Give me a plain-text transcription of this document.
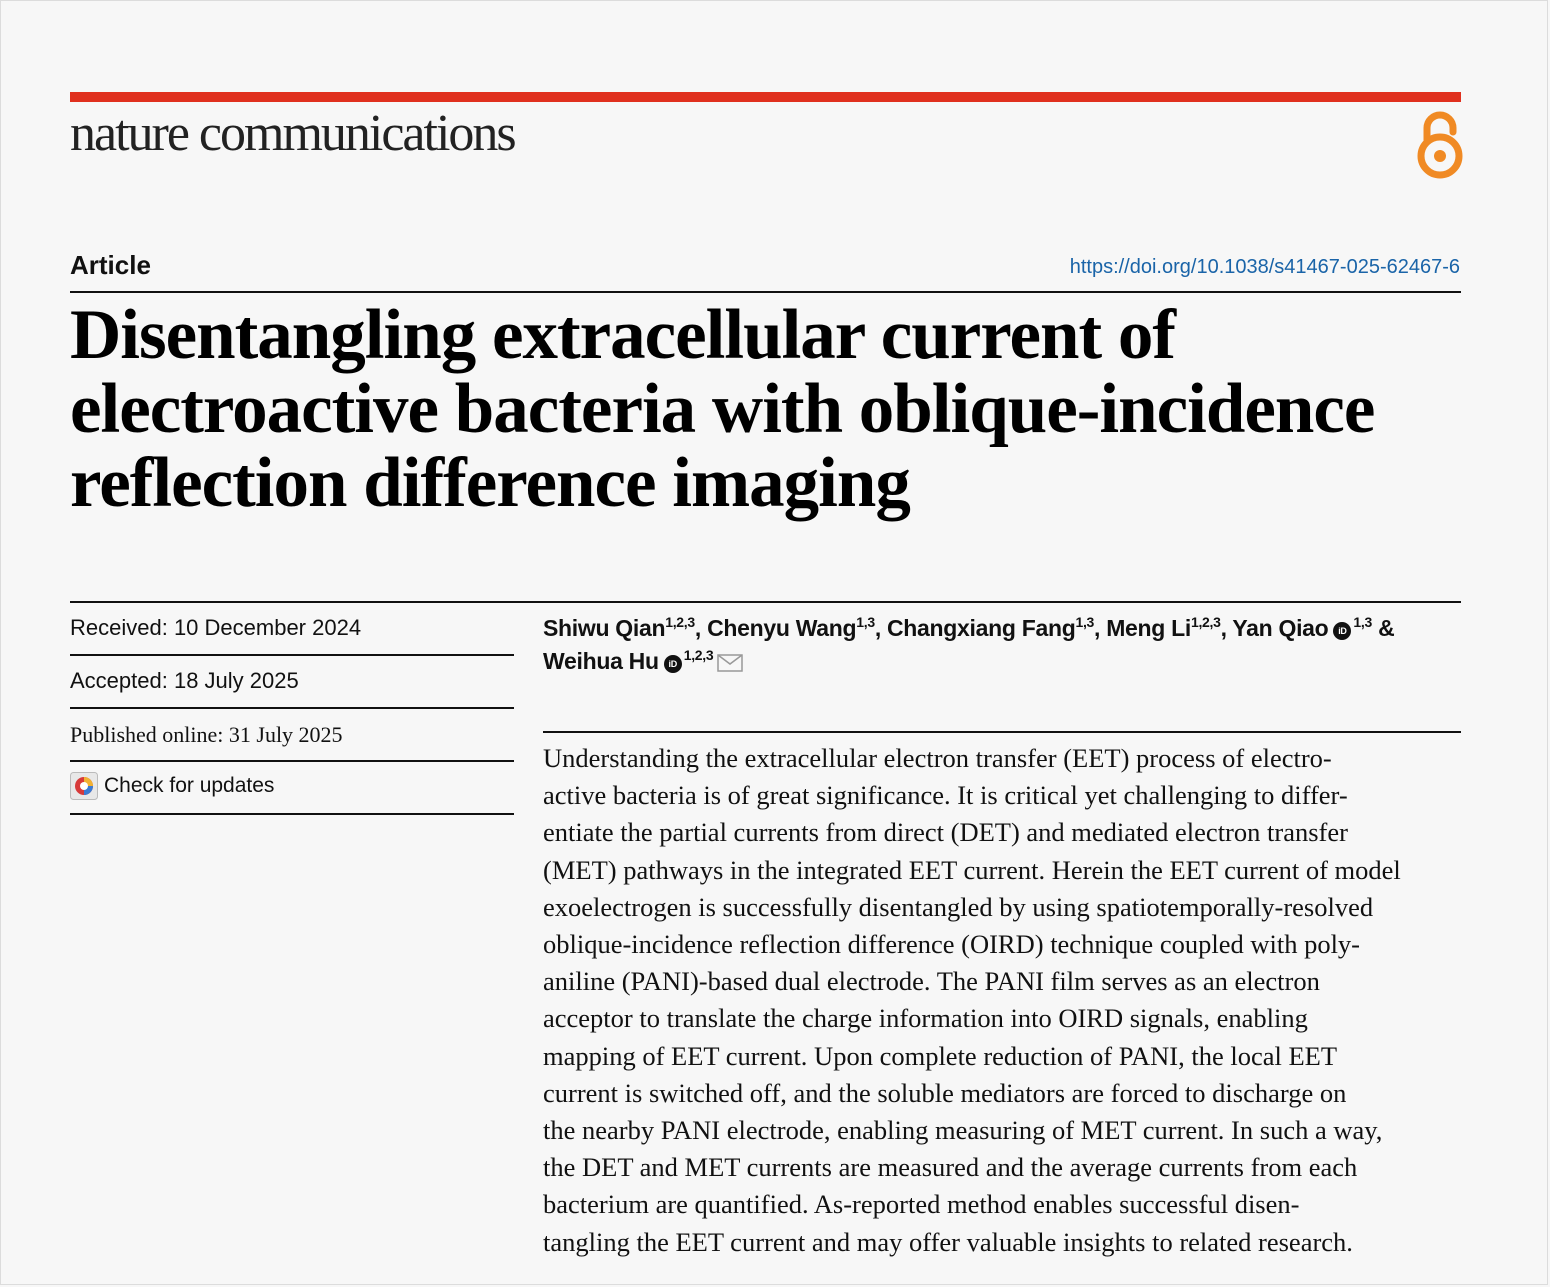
nature communications
Article	https://doi.org/10.1038/s41467-025-62467-6
Disentangling extracellular current of
electroactive bacteria with oblique-incidence
reflection difference imaging
Received: 10 December 2024
Accepted: 18 July 2025
Published online: 31 July 2025
Check for updates
Shiwu Qian$^{1,2,3}$, Chenyu Wang$^{1,3}$, Changxiang Fang$^{1,3}$, Meng Li$^{1,2,3}$, Yan Qiao iD$^{1,3}$ &
Weihua Hu iD$^{1,2,3}$
Understanding the extracellular electron transfer (EET) process of electro-
active bacteria is of great significance. It is critical yet challenging to differ-
entiate the partial currents from direct (DET) and mediated electron transfer
(MET) pathways in the integrated EET current. Herein the EET current of model
exoelectrogen is successfully disentangled by using spatiotemporally-resolved
oblique-incidence reflection difference (OIRD) technique coupled with poly-
aniline (PANI)-based dual electrode. The PANI film serves as an electron
acceptor to translate the charge information into OIRD signals, enabling
mapping of EET current. Upon complete reduction of PANI, the local EET
current is switched off, and the soluble mediators are forced to discharge on
the nearby PANI electrode, enabling measuring of MET current. In such a way,
the DET and MET currents are measured and the average currents from each
bacterium are quantified. As-reported method enables successful disen-
tangling the EET current and may offer valuable insights to related research.
